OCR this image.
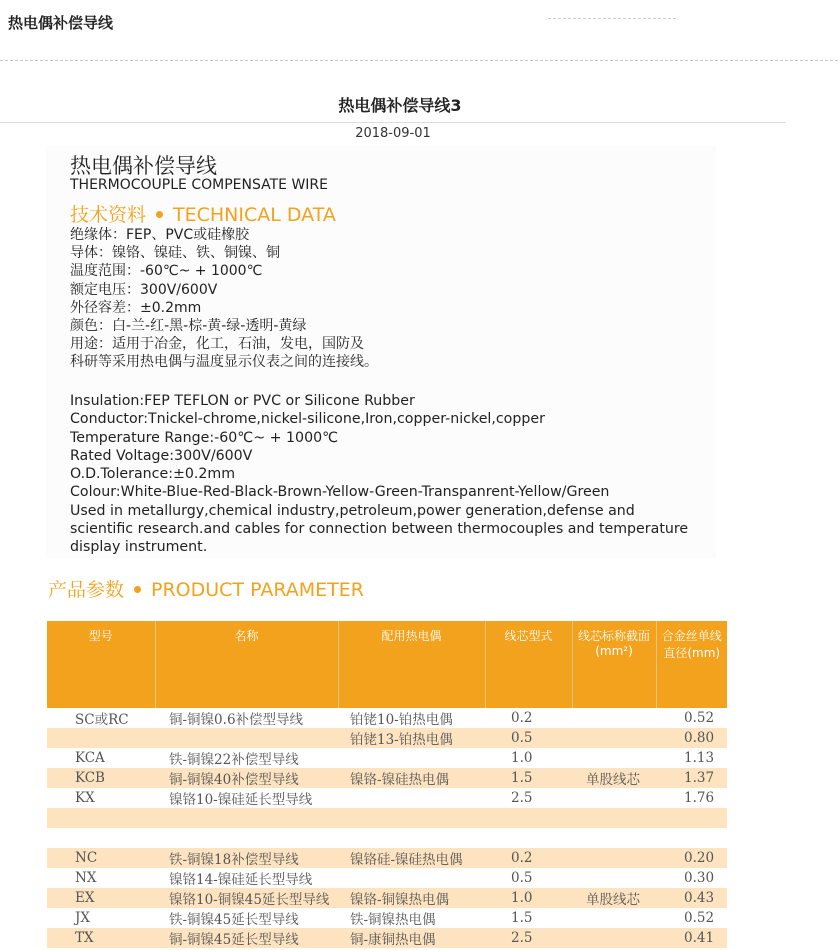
热电偶补偿导线
热电偶补偿导线3
2018-09-01
热电偶补偿导线
THERMOCOUPLE COMPENSATE WIRE
技术资料 TECHNICAL DATA
绝缘体：FEP、PVC或硅橡胶
导体：镍铬、镍硅、铁、铜镍、铜
温度范围：-60℃~ + 1000℃
额定电压：300V/600V
外径容差：±0.2mm
颜色：白-兰-红-黑-棕-黄-绿-透明-黄绿
用途：适用于冶金，化工，石油，发电，国防及
科研等采用热电偶与温度显示仪表之间的连接线。
Insulation:FEP TEFLON or PVC or Silicone Rubber
Conductor:Tnickel-chrome,nickel-silicone,Iron,copper-nickel,copper
Temperature Range:-60℃~ + 1000℃
Rated Voltage:300V/600V
O.D.Tolerance:±0.2mm
Colour:White-Blue-Red-Black-Brown-Yellow-Green-Transpanrent-Yellow/Green
Used in metallurgy,chemical industry,petroleum,power generation,defense and
scientific research.and cables for connection between thermocouples and temperature
display instrument.
产品参数 PRODUCT PARAMETER
型号	名称	配用热电偶	线芯型式	线芯标称截面(mm²)	合金丝单线直径(mm)
SC或RC	铜-铜镍0.6补偿型导线	铂铑10-铂热电偶	0.2		0.52
		铂铑13-铂热电偶	0.5		0.80
KCA	铁-铜镍22补偿型导线		1.0		1.13
KCB	铜-铜镍40补偿型导线	镍铬-镍硅热电偶	1.5	单股线芯	1.37
KX	镍铬10-镍硅延长型导线		2.5		1.76

NC	铁-铜镍18补偿型导线	镍铬硅-镍硅热电偶	0.2		0.20
NX	镍铬14-镍硅延长型导线		0.5		0.30
EX	镍铬10-铜镍45延长型导线	镍铬-铜镍热电偶	1.0	单股线芯	0.43
JX	铁-铜镍45延长型导线	铁-铜镍热电偶	1.5		0.52
TX	铜-铜镍45延长型导线	铜-康铜热电偶	2.5		0.41
